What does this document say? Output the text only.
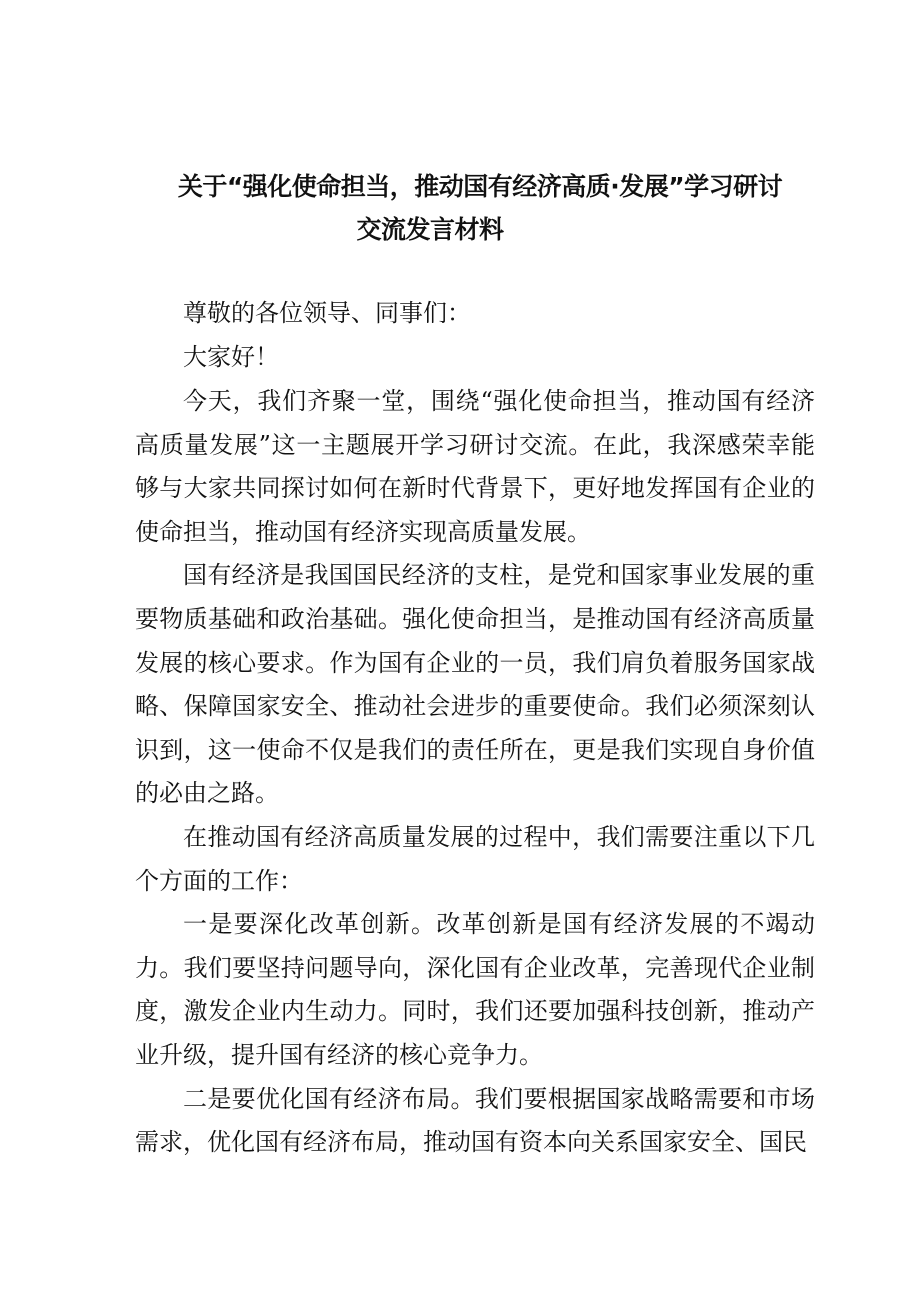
关于“强化使命担当，推动国有经济高质·发展”学习研讨
交流发言材料
尊敬的各位领导、同事们：
大家好！

今天，我们齐聚一堂，围绕“强化使命担当，推动国有经济高质量发展”这一主题展开学习研讨交流。在此，我深感荣幸能够与大家共同探讨如何在新时代背景下，更好地发挥国有企业的使命担当，推动国有经济实现高质量发展。

国有经济是我国国民经济的支柱，是党和国家事业发展的重要物质基础和政治基础。强化使命担当，是推动国有经济高质量发展的核心要求。作为国有企业的一员，我们肩负着服务国家战略、保障国家安全、推动社会进步的重要使命。我们必须深刻认识到，这一使命不仅是我们的责任所在，更是我们实现自身价值的必由之路。

在推动国有经济高质量发展的过程中，我们需要注重以下几个方面的工作：

一是要深化改革创新。改革创新是国有经济发展的不竭动力。我们要坚持问题导向，深化国有企业改革，完善现代企业制度，激发企业内生动力。同时，我们还要加强科技创新，推动产业升级，提升国有经济的核心竞争力。

二是要优化国有经济布局。我们要根据国家战略需要和市场需求，优化国有经济布局，推动国有资本向关系国家安全、国民
